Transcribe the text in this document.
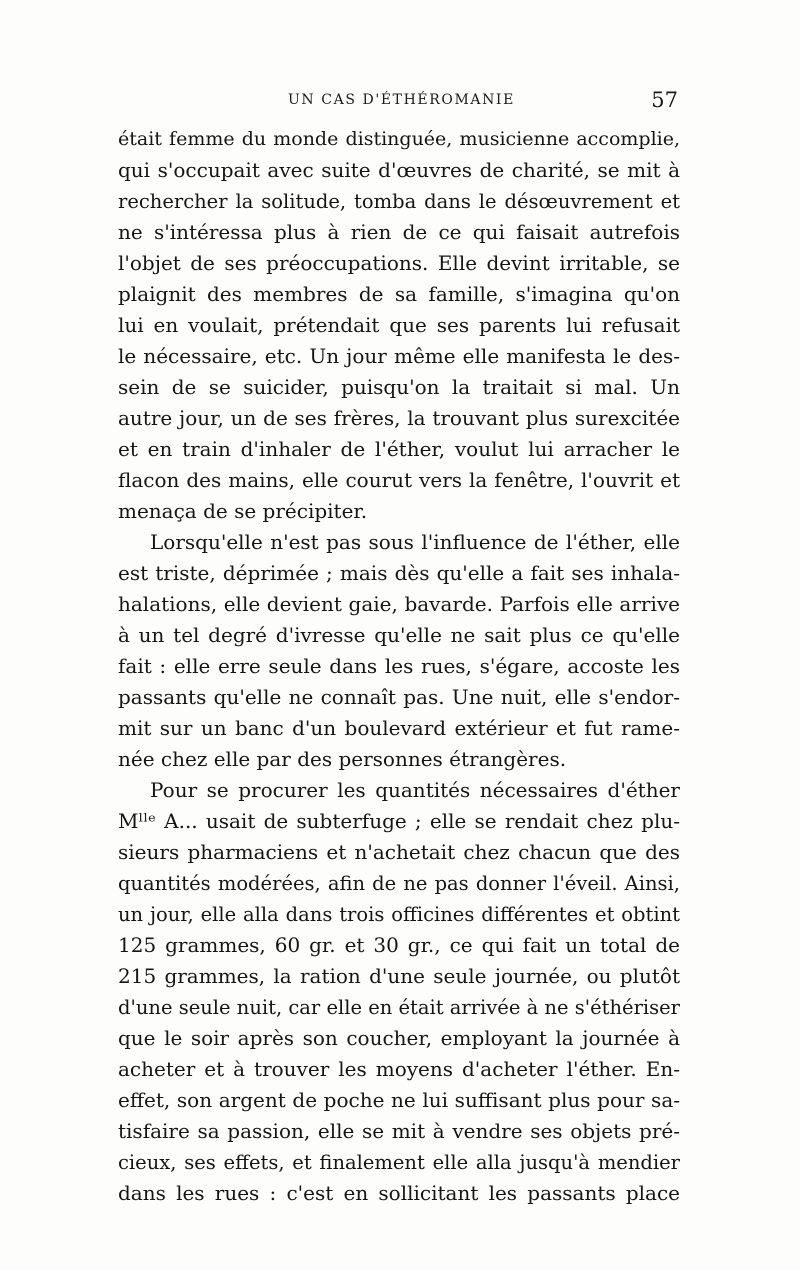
UN CAS D'ÉTHÉROMANIE	57
était femme du monde distinguée, musicienne accomplie,
qui s'occupait avec suite d'œuvres de charité, se mit à
rechercher la solitude, tomba dans le désœuvrement et
ne s'intéressa plus à rien de ce qui faisait autrefois
l'objet de ses préoccupations. Elle devint irritable, se
plaignit des membres de sa famille, s'imagina qu'on
lui en voulait, prétendait que ses parents lui refusait
le nécessaire, etc. Un jour même elle manifesta le des-
sein de se suicider, puisqu'on la traitait si mal. Un
autre jour, un de ses frères, la trouvant plus surexcitée
et en train d'inhaler de l'éther, voulut lui arracher le
flacon des mains, elle courut vers la fenêtre, l'ouvrit et
menaça de se précipiter.
Lorsqu'elle n'est pas sous l'influence de l'éther, elle
est triste, déprimée ; mais dès qu'elle a fait ses inhala-
halations, elle devient gaie, bavarde. Parfois elle arrive
à un tel degré d'ivresse qu'elle ne sait plus ce qu'elle
fait : elle erre seule dans les rues, s'égare, accoste les
passants qu'elle ne connaît pas. Une nuit, elle s'endor-
mit sur un banc d'un boulevard extérieur et fut ramе-
née chez elle par des personnes étrangères.
Pour se procurer les quantités nécessaires d'éther
Mˡˡᵉ A... usait de subterfuge ; elle se rendait chez plu-
sieurs pharmaciens et n'achetait chez chacun que des
quantités modérées, afin de ne pas donner l'éveil. Ainsi,
un jour, elle alla dans trois officines différentes et obtint
125 grammes, 60 gr. et 30 gr., ce qui fait un total de
215 grammes, la ration d'une seule journée, ou plutôt
d'une seule nuit, car elle en était arrivée à ne s'éthériser
que le soir après son coucher, employant la journée à
acheter et à trouver les moyens d'acheter l'éther. En-
effet, son argent de poche ne lui suffisant plus pour sa-
tisfaire sa passion, elle se mit à vendre ses objets pré-
cieux, ses effets, et finalement elle alla jusqu'à mendier
dans les rues : c'est en sollicitant les passants place
